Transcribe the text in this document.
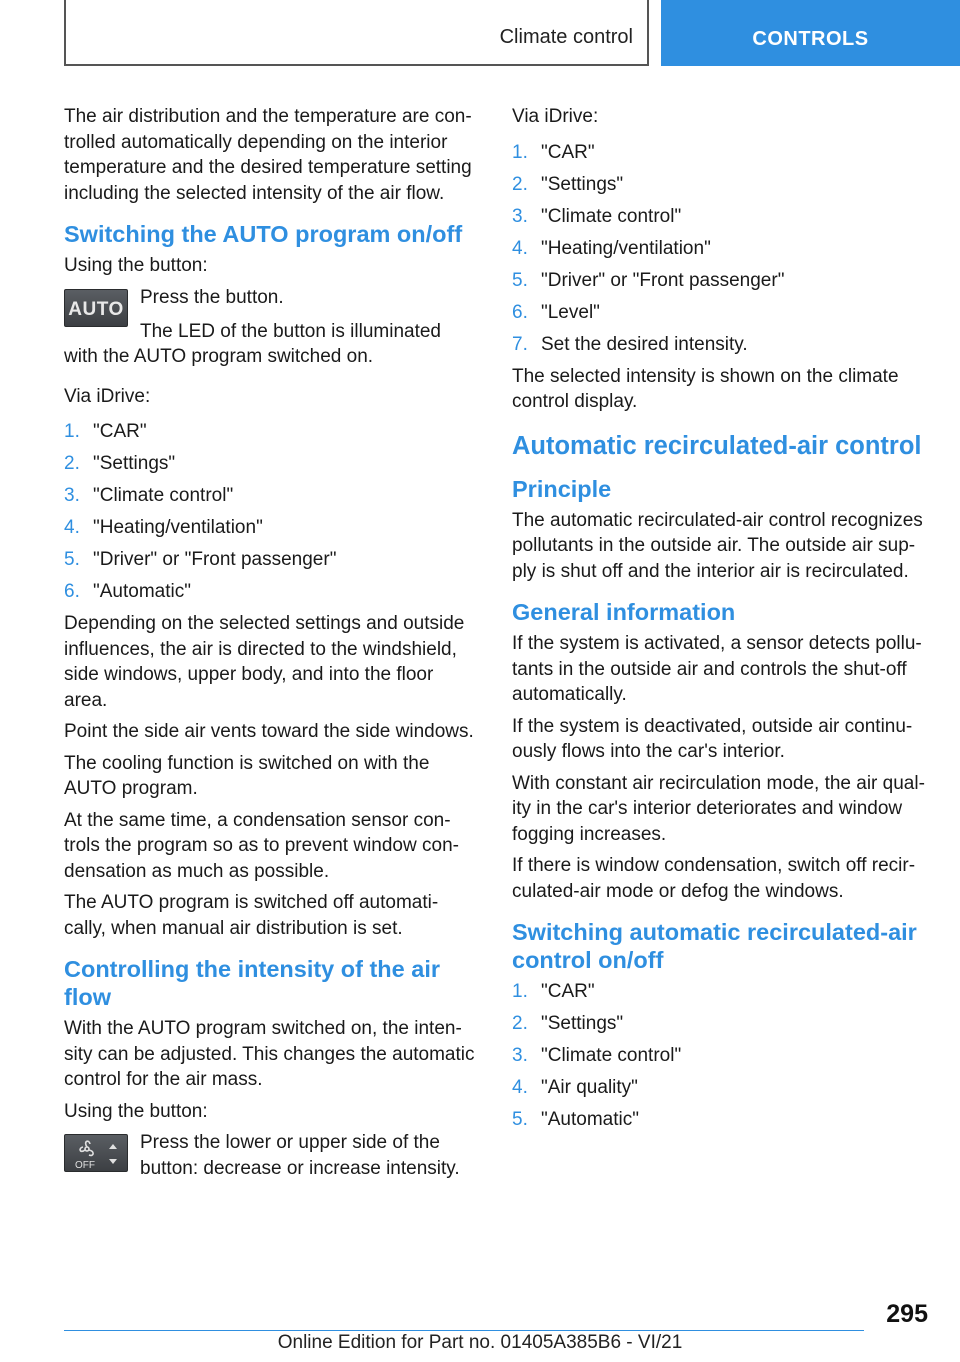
Climate control	CONTROLS

The air distribution and the temperature are con-trolled automatically depending on the interior temperature and the desired temperature setting including the selected intensity of the air flow.

Switching the AUTO program on/off

Using the button:

AUTO

Press the button.

The LED of the button is illuminated with the AUTO program switched on.

Via iDrive:

1. "CAR"
2. "Settings"
3. "Climate control"
4. "Heating/ventilation"
5. "Driver" or "Front passenger"
6. "Automatic"

Depending on the selected settings and outside influences, the air is directed to the windshield, side windows, upper body, and into the floor area.

Point the side air vents toward the side windows.

The cooling function is switched on with the AUTO program.

At the same time, a condensation sensor con-trols the program so as to prevent window con-densation as much as possible.

The AUTO program is switched off automati-cally, when manual air distribution is set.

Controlling the intensity of the air flow

With the AUTO program switched on, the inten-sity can be adjusted. This changes the automatic control for the air mass.

Using the button:

OFF

Press the lower or upper side of the button: decrease or increase intensity.

Via iDrive:

1. "CAR"
2. "Settings"
3. "Climate control"
4. "Heating/ventilation"
5. "Driver" or "Front passenger"
6. "Level"
7. Set the desired intensity.

The selected intensity is shown on the climate control display.

Automatic recirculated-air control
Principle

The automatic recirculated-air control recognizes pollutants in the outside air. The outside air sup-ply is shut off and the interior air is recirculated.

General information

If the system is activated, a sensor detects pollu-tants in the outside air and controls the shut-off automatically.

If the system is deactivated, outside air continu-ously flows into the car's interior.

With constant air recirculation mode, the air qual-ity in the car's interior deteriorates and window fogging increases.

If there is window condensation, switch off recir-culated-air mode or defog the windows.

Switching automatic recirculated-air control on/off
1. "CAR"
2. "Settings"
3. "Climate control"
4. "Air quality"
5. "Automatic"
295
Online Edition for Part no. 01405A385B6 - VI/21
